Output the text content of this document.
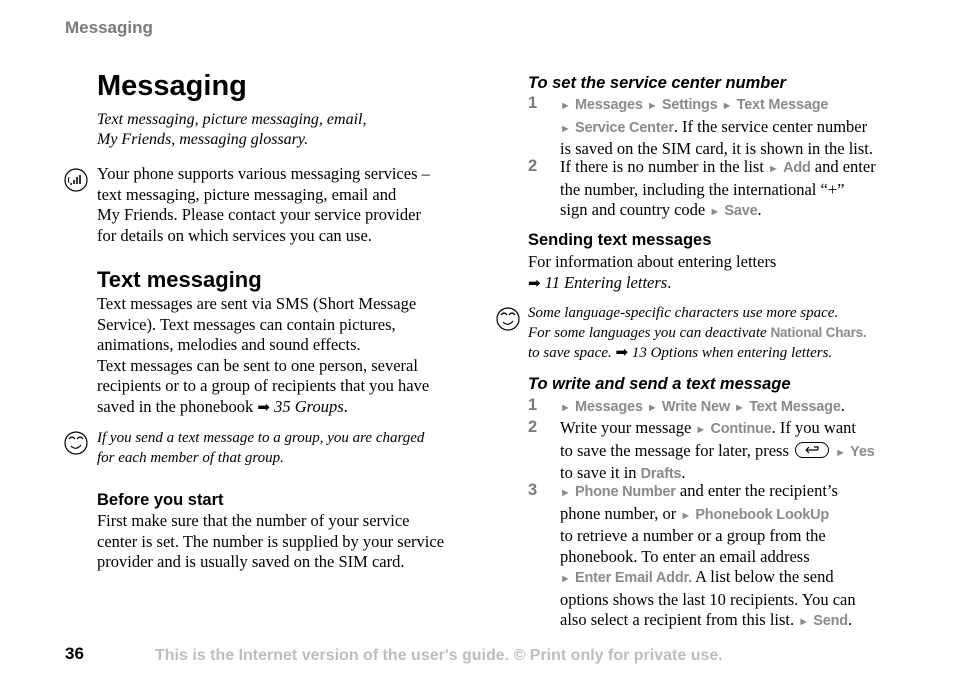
Messaging
Messaging
Text messaging, picture messaging, email,
My Friends, messaging glossary.
Your phone supports various messaging services –
text messaging, picture messaging, email and
My Friends. Please contact your service provider
for details on which services you can use.
Text messaging
Text messages are sent via SMS (Short Message
Service). Text messages can contain pictures,
animations, melodies and sound effects.
Text messages can be sent to one person, several
recipients or to a group of recipients that you have
saved in the phonebook ➡ 35 Groups.
If you send a text message to a group, you are charged
for each member of that group.
Before you start
First make sure that the number of your service
center is set. The number is supplied by your service
provider and is usually saved on the SIM card.
To set the service center number
1 ► Messages ► Settings ► Text Message
► Service Center. If the service center number
is saved on the SIM card, it is shown in the list.
2 If there is no number in the list ► Add and enter
the number, including the international “+”
sign and country code ► Save.
Sending text messages
For information about entering letters
➡ 11 Entering letters.
Some language-specific characters use more space.
For some languages you can deactivate National Chars.
to save space. ➡ 13 Options when entering letters.
To write and send a text message
1 ► Messages ► Write New ► Text Message.
2 Write your message ► Continue. If you want
to save the message for later, press	► Yes
to save it in Drafts.
3 ► Phone Number and enter the recipient’s
phone number, or ► Phonebook LookUp
to retrieve a number or a group from the
phonebook. To enter an email address
► Enter Email Addr. A list below the send
options shows the last 10 recipients. You can
also select a recipient from this list. ► Send.
36	This is the Internet version of the user's guide. © Print only for private use.
